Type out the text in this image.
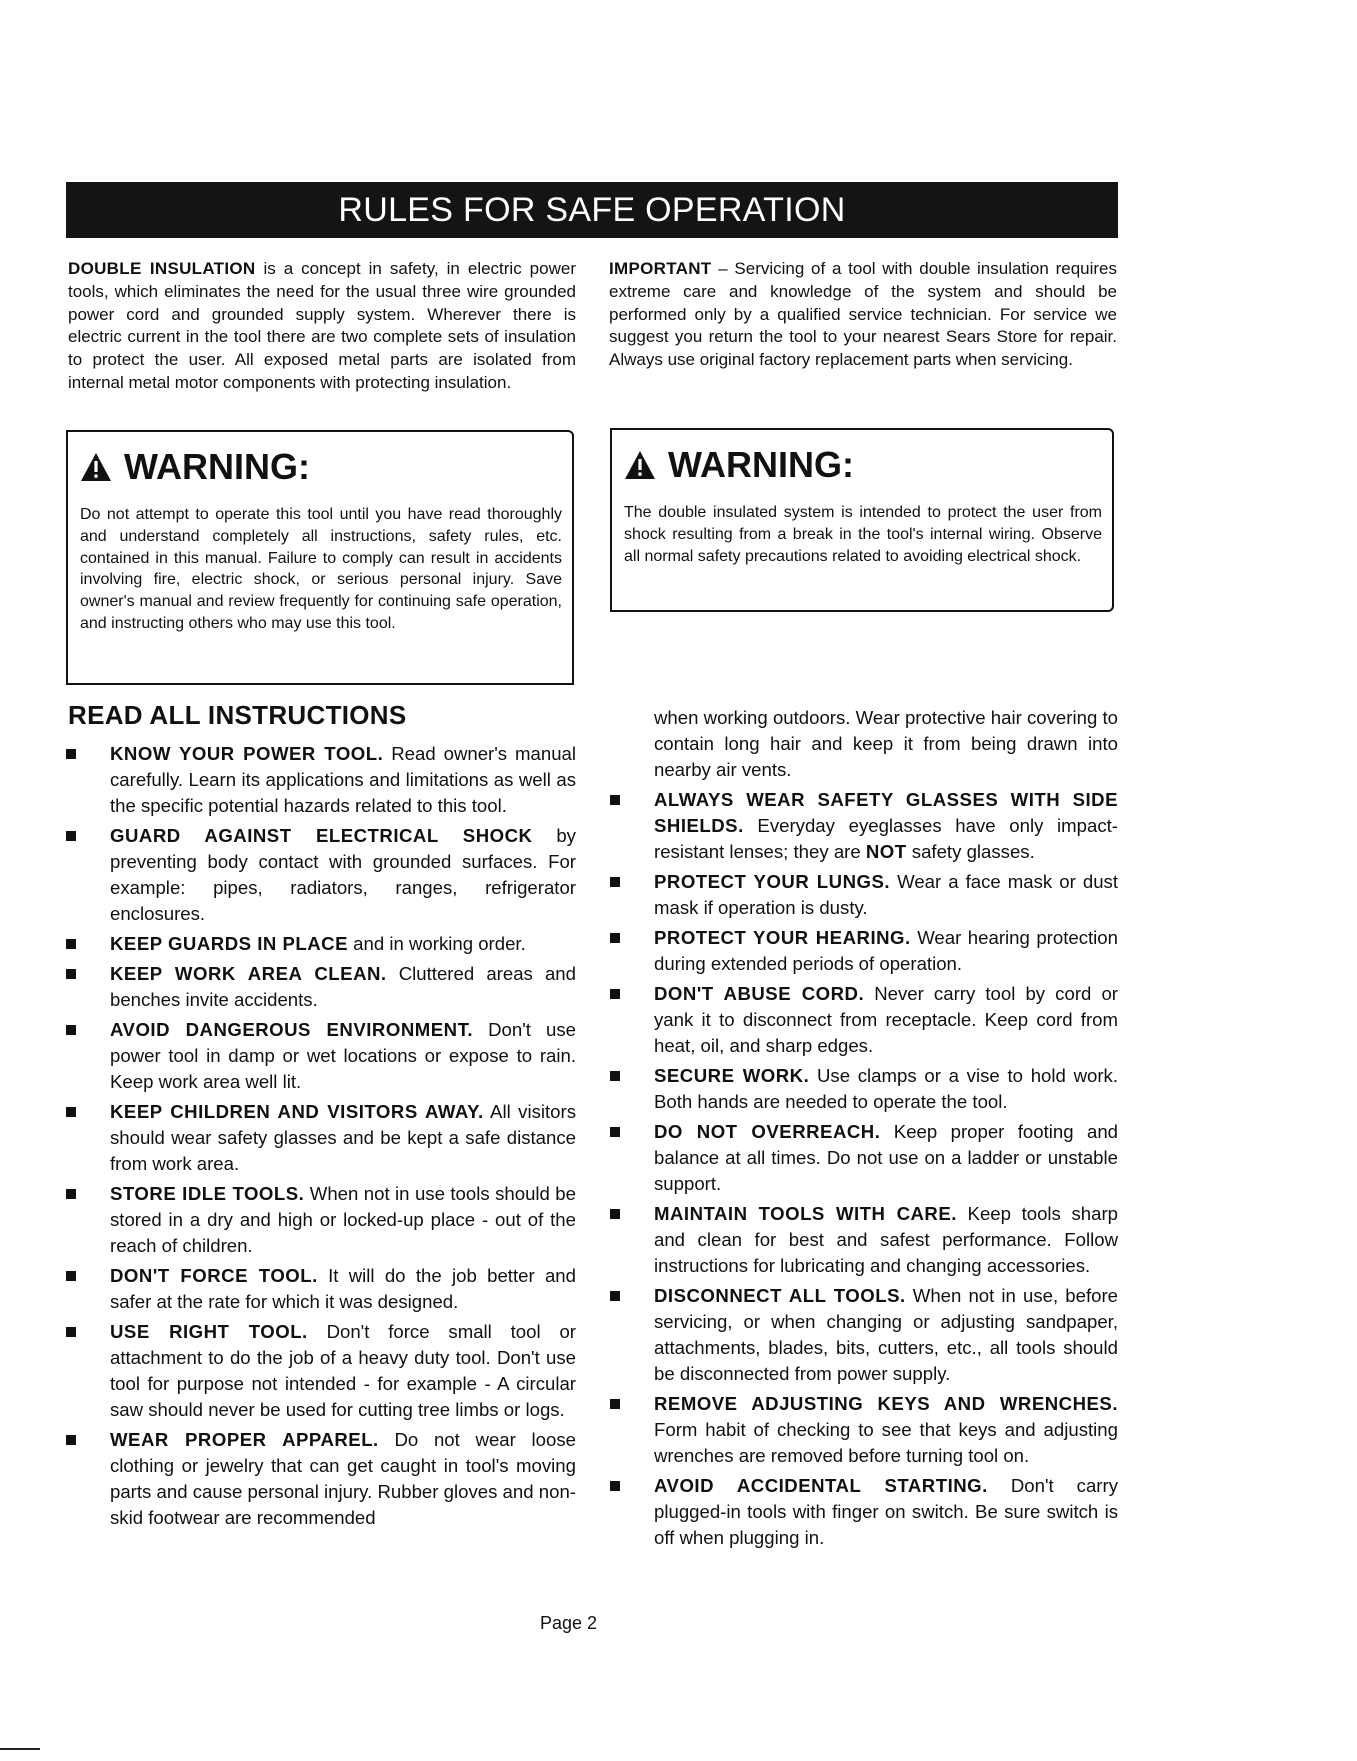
RULES FOR SAFE OPERATION

DOUBLE INSULATION is a concept in safety, in electric power tools, which eliminates the need for the usual three wire grounded power cord and grounded supply system. Wherever there is electric current in the tool there are two complete sets of insulation to protect the user. All exposed metal parts are isolated from internal metal motor components with protecting insulation.

IMPORTANT – Servicing of a tool with double insulation requires extreme care and knowledge of the system and should be performed only by a qualified service technician. For service we suggest you return the tool to your nearest Sears Store for repair. Always use original factory replacement parts when servicing.

WARNING:

Do not attempt to operate this tool until you have read thoroughly and understand completely all instructions, safety rules, etc. contained in this manual. Failure to comply can result in accidents involving fire, electric shock, or serious personal injury. Save owner's manual and review frequently for continuing safe operation, and instructing others who may use this tool.

WARNING:

The double insulated system is intended to protect the user from shock resulting from a break in the tool's internal wiring. Observe all normal safety precautions related to avoiding electrical shock.

READ ALL INSTRUCTIONS
KNOW YOUR POWER TOOL. Read owner's manual carefully. Learn its applications and limitations as well as the specific potential hazards related to this tool.
GUARD AGAINST ELECTRICAL SHOCK by preventing body contact with grounded surfaces. For example: pipes, radiators, ranges, refrigerator enclosures.
KEEP GUARDS IN PLACE and in working order.
KEEP WORK AREA CLEAN. Cluttered areas and benches invite accidents.
AVOID DANGEROUS ENVIRONMENT. Don't use power tool in damp or wet locations or expose to rain. Keep work area well lit.
KEEP CHILDREN AND VISITORS AWAY. All visitors should wear safety glasses and be kept a safe distance from work area.
STORE IDLE TOOLS. When not in use tools should be stored in a dry and high or locked-up place - out of the reach of children.
DON'T FORCE TOOL. It will do the job better and safer at the rate for which it was designed.
USE RIGHT TOOL. Don't force small tool or attachment to do the job of a heavy duty tool. Don't use tool for purpose not intended - for example - A circular saw should never be used for cutting tree limbs or logs.
WEAR PROPER APPAREL. Do not wear loose clothing or jewelry that can get caught in tool's moving parts and cause personal injury. Rubber gloves and non-skid footwear are recommended
when working outdoors. Wear protective hair covering to contain long hair and keep it from being drawn into nearby air vents.
ALWAYS WEAR SAFETY GLASSES WITH SIDE SHIELDS. Everyday eyeglasses have only impact-resistant lenses; they are NOT safety glasses.
PROTECT YOUR LUNGS. Wear a face mask or dust mask if operation is dusty.
PROTECT YOUR HEARING. Wear hearing protection during extended periods of operation.
DON'T ABUSE CORD. Never carry tool by cord or yank it to disconnect from receptacle. Keep cord from heat, oil, and sharp edges.
SECURE WORK. Use clamps or a vise to hold work. Both hands are needed to operate the tool.
DO NOT OVERREACH. Keep proper footing and balance at all times. Do not use on a ladder or unstable support.
MAINTAIN TOOLS WITH CARE. Keep tools sharp and clean for best and safest performance. Follow instructions for lubricating and changing accessories.
DISCONNECT ALL TOOLS. When not in use, before servicing, or when changing or adjusting sandpaper, attachments, blades, bits, cutters, etc., all tools should be disconnected from power supply.
REMOVE ADJUSTING KEYS AND WRENCHES. Form habit of checking to see that keys and adjusting wrenches are removed before turning tool on.
AVOID ACCIDENTAL STARTING. Don't carry plugged-in tools with finger on switch. Be sure switch is off when plugging in.
Page 2
